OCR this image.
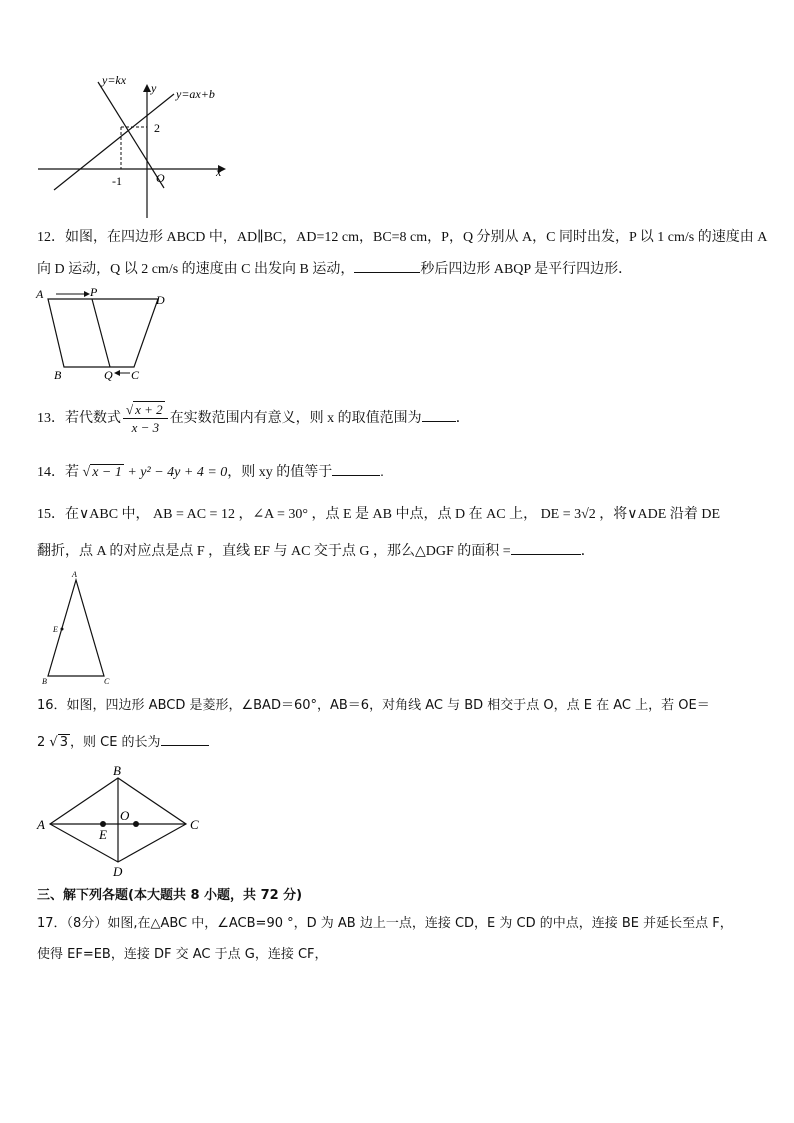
y=kx
y=ax+b
y
x
2
-1	O
12．如图，在四边形 ABCD 中，AD∥BC，AD=12 cm，BC=8 cm，P，Q 分别从 A，C 同时出发，P 以 1 cm/s 的速度由 A
向 D 运动，Q 以 2 cm/s 的速度由 C 出发向 B 运动，	秒后四边形 ABQP 是平行四边形．
A	P
D
B	Q C
13．若代数式 $\frac{√ x + 2}{x - 3}$ 在实数范围内有意义，则 x 的取值范围为 ．
14．若 √ x − 1 + y² − 4y + 4 = 0，则 xy 的值等于	.
15．在∨ABC 中， AB = AC = 12 ，∠A = 30° ，点 E 是 AB 中点，点 D 在 AC 上， DE = 3√2 ，将∨ADE 沿着 DE
翻折，点 A 的对应点是点 F ，直线 EF 与 AC 交于点 G ，那么△DGF 的面积 =	．
A
E
B	C
16．如图，四边形 ABCD 是菱形，∠BAD＝60°，AB＝6，对角线 AC 与 BD 相交于点 O，点 E 在 AC 上，若 OE＝
2 √ 3 ，则 CE 的长为
A
B
C
D
O
E
三、解下列各题(本大题共 8 小题，共 72 分)
17．（8分）如图,在△ABC 中，∠ACB=90 °，D 为 AB 边上一点，连接 CD，E 为 CD 的中点，连接 BE 并延长至点 F，
使得 EF=EB，连接 DF 交 AC 于点 G，连接 CF，
